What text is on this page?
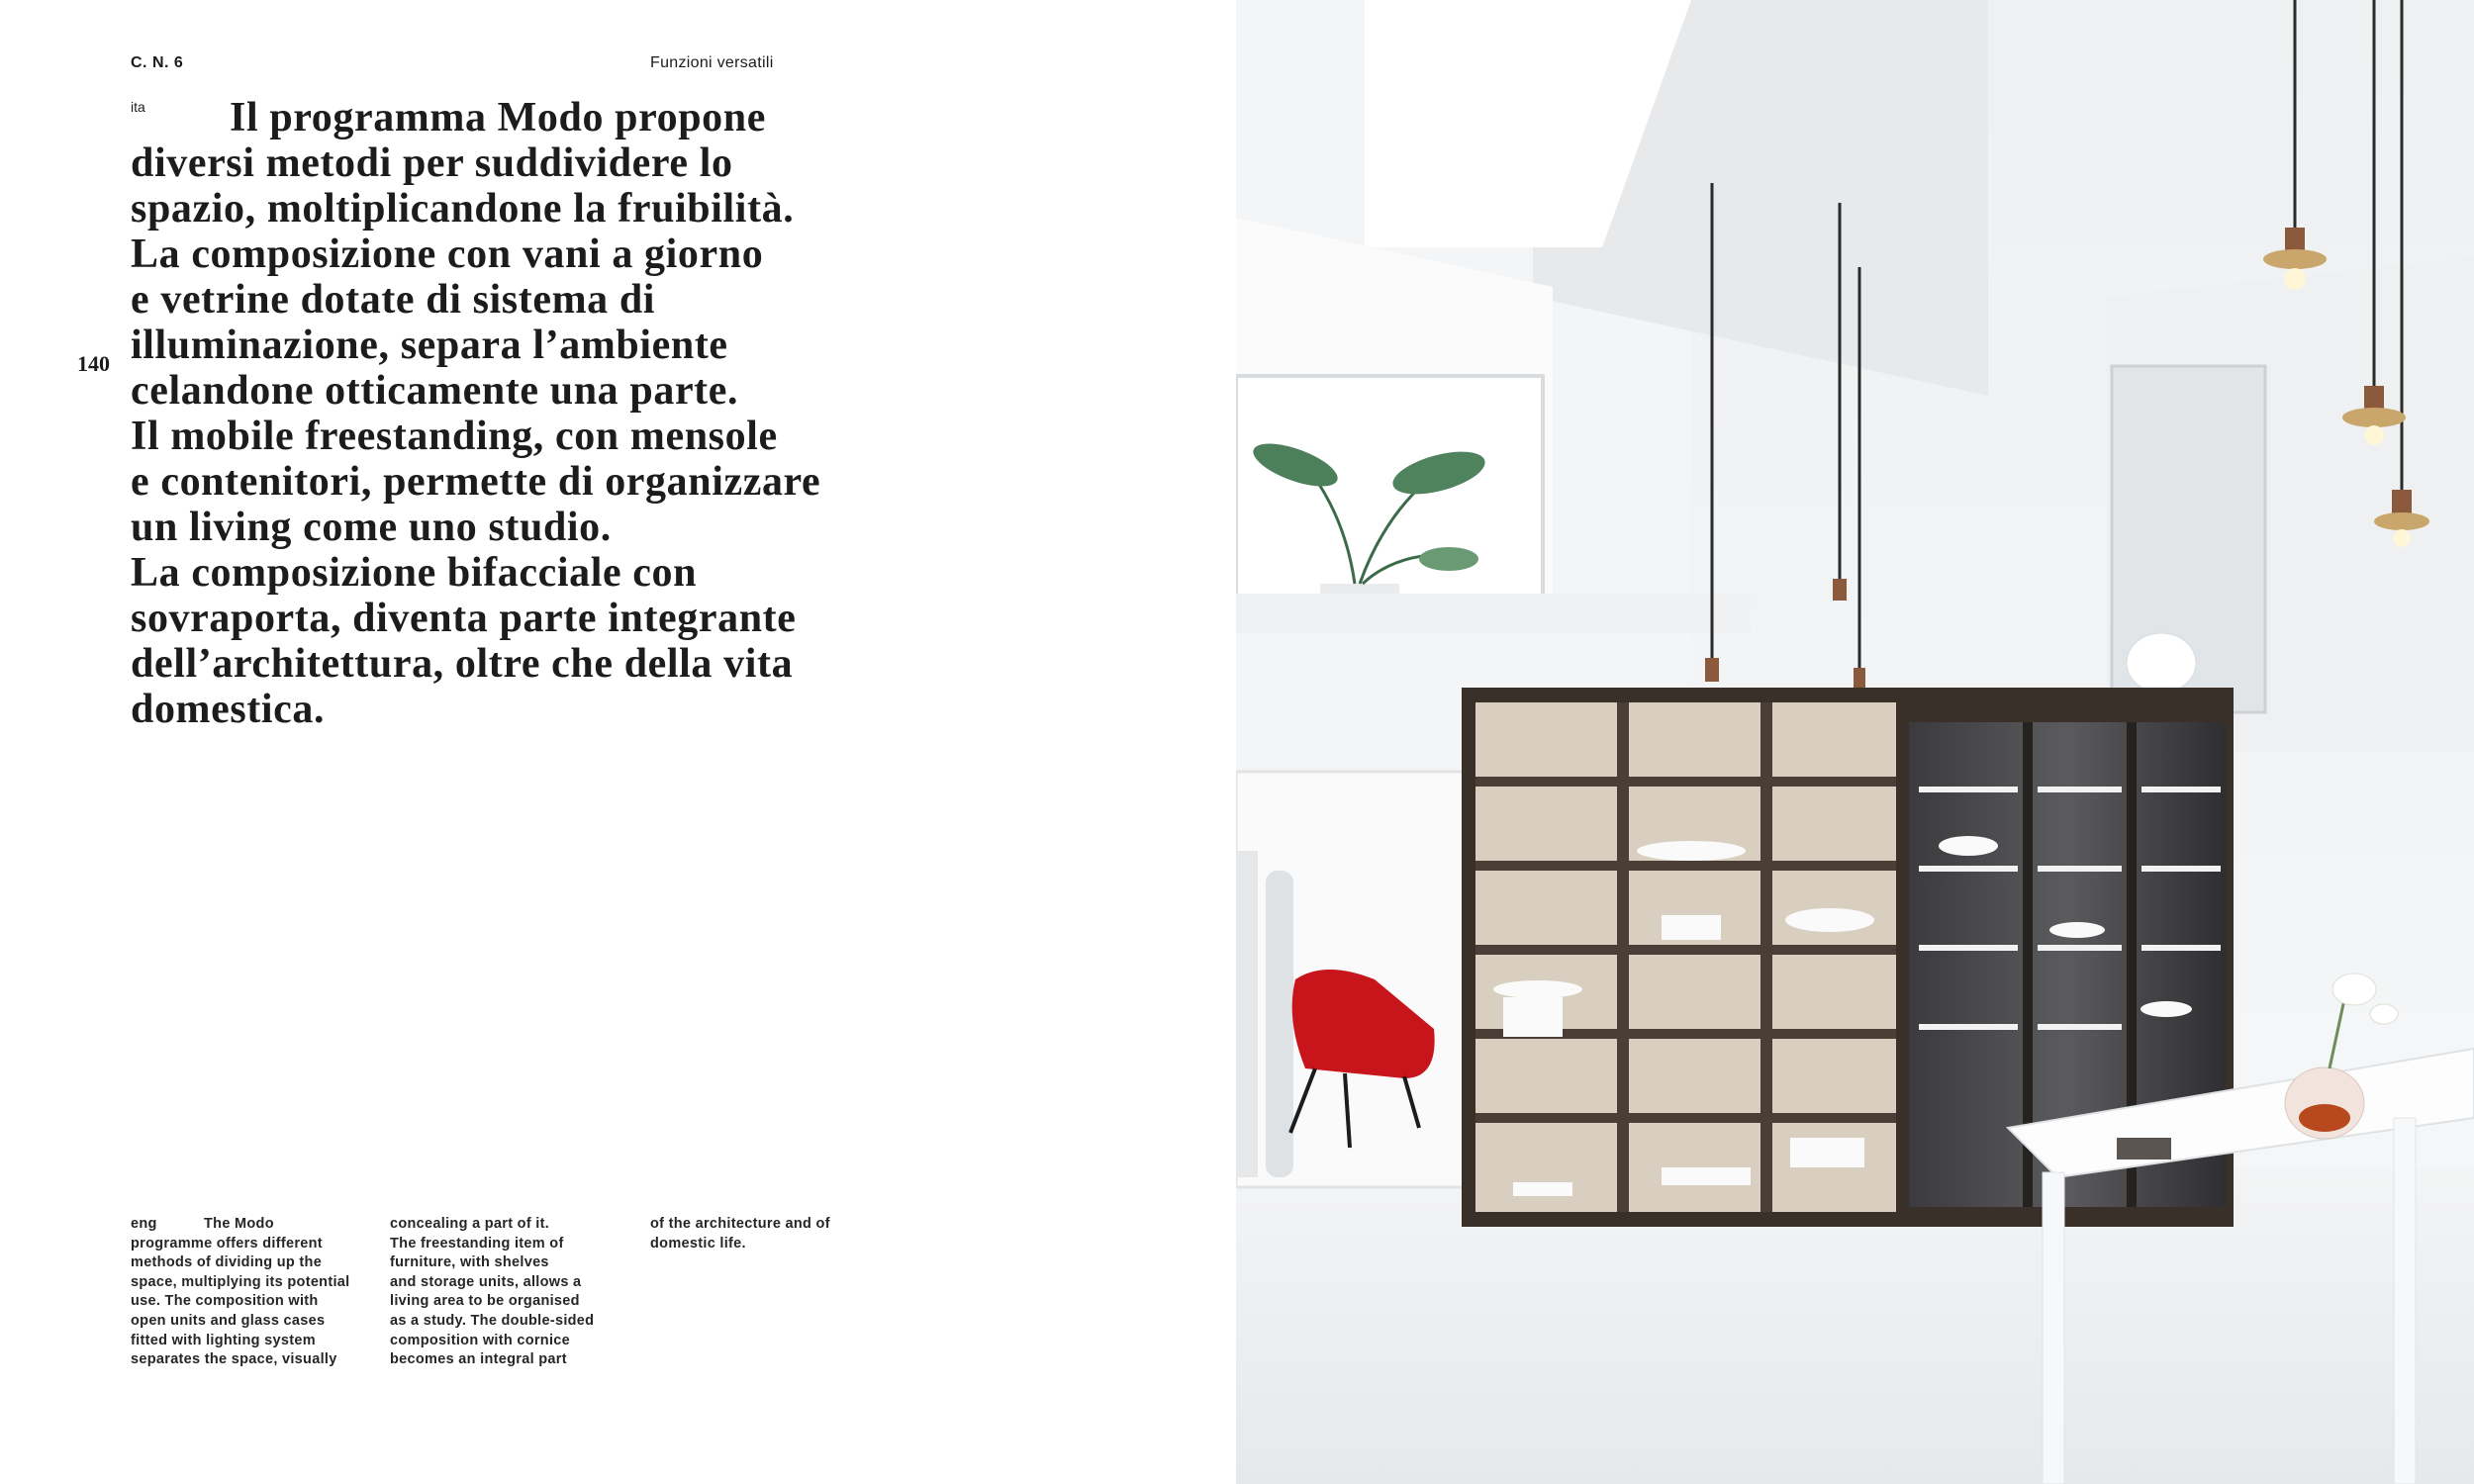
C. N. 6	Funzioni versatili
140
ita	Il programma Modo propone
diversi metodi per suddividere lo
spazio, moltiplicandone la fruibilità.
La composizione con vani a giorno
e vetrine dotate di sistema di
illuminazione, separa l’ambiente
celandone otticamente una parte.
Il mobile freestanding, con mensole
e contenitori, permette di organizzare
un living come uno studio.
La composizione bifacciale con
sovraporta, diventa parte integrante
dell’architettura, oltre che della vita
domestica.

eng	The Modo
programme offers different
methods of dividing up the
space, multiplying its potential
use. The composition with
open units and glass cases
fitted with lighting system
separates the space, visually
concealing a part of it.
The freestanding item of
furniture, with shelves
and storage units, allows a
living area to be organised
as a study. The double-sided
composition with cornice
becomes an integral part
of the architecture and of
domestic life.
